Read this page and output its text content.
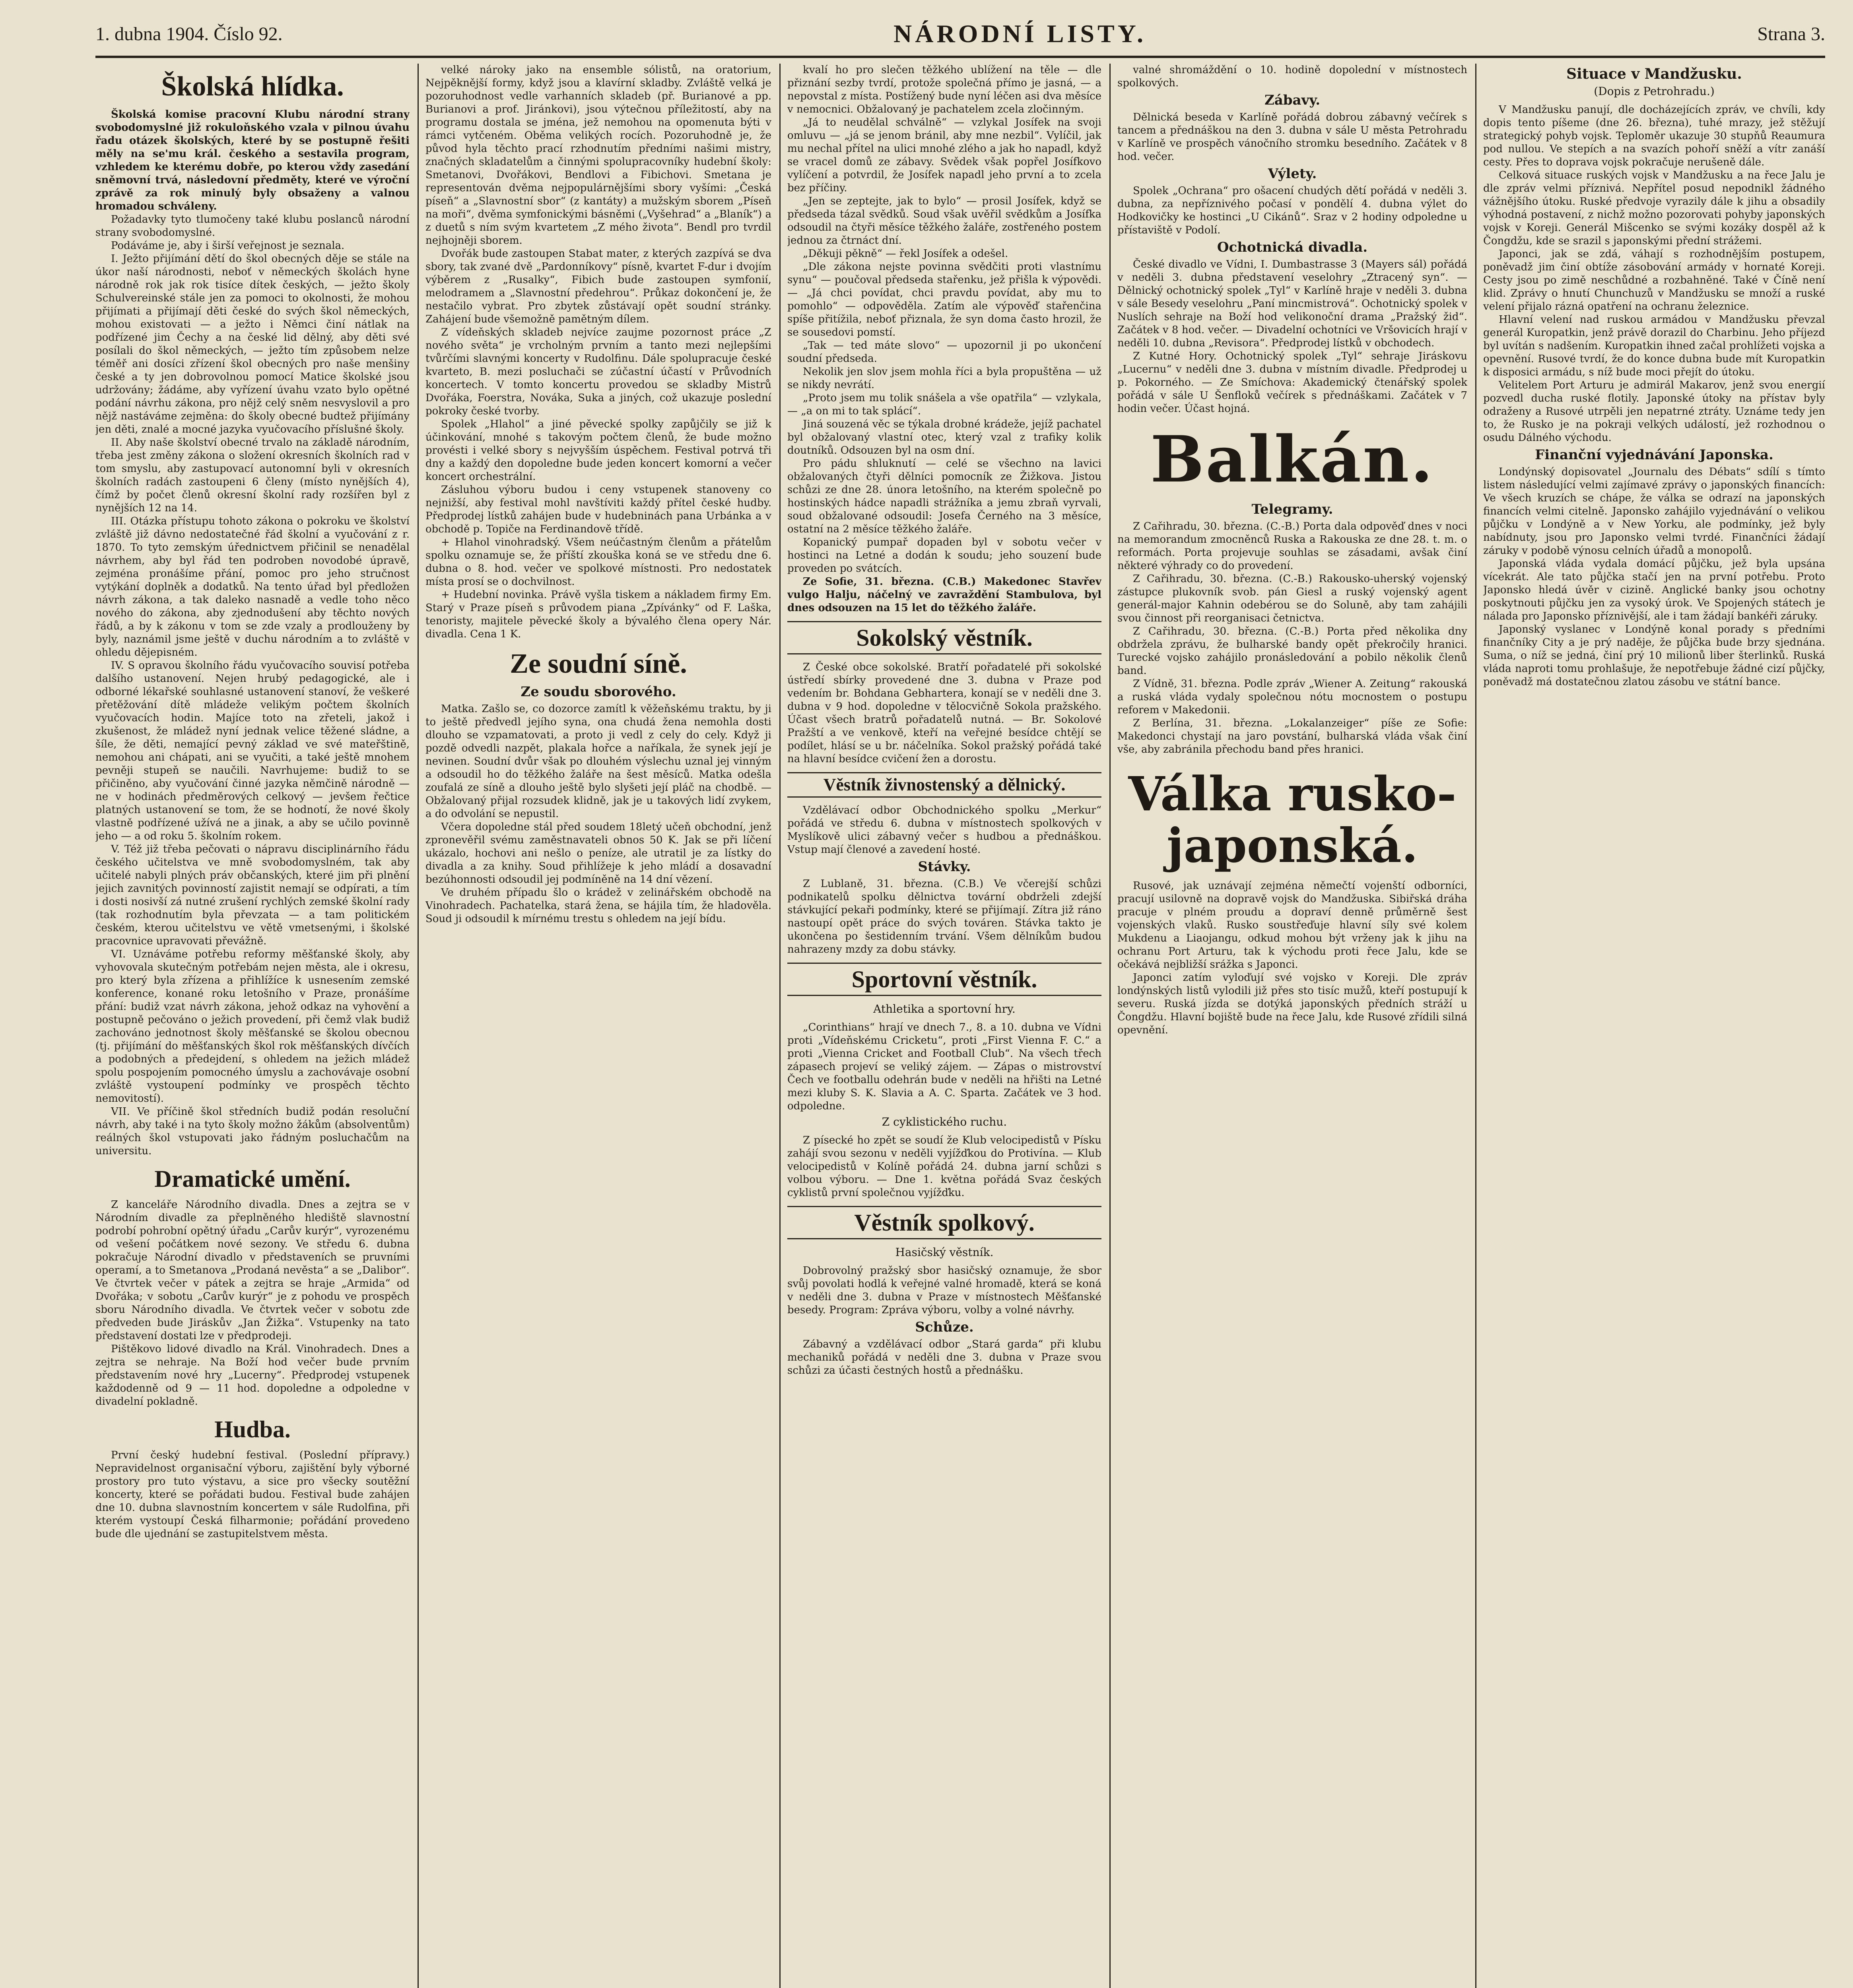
1. dubna 1904. Číslo 92.	NÁRODNÍ LISTY.	Strana 3.
Školská hlídka.

Školská komise pracovní Klubu národní strany svobodomyslné již rokuloňského vzala v pilnou úvahu řadu otázek školských, které by se postupně řešiti měly na se'mu král. českého a sestavila program, vzhledem ke kterému dobře, po kterou vždy zasedání sněmovní trvá, následovní předměty, které ve výroční zprávě za rok minulý byly obsaženy a valnou hromadou schváleny.

Požadavky tyto tlumočeny také klubu poslanců národní strany svobodomyslné.

Podáváme je, aby i širší veřejnost je seznala.

I. Ježto přijímání dětí do škol obecných děje se stále na úkor naší národnosti, neboť v německých školách hyne národně rok jak rok tisíce dítek českých, — ježto školy Schulvereinské stále jen za pomoci to okolnosti, že mohou přijímati a přijímají děti české do svých škol německých, mohou existovati — a ježto i Němci činí nátlak na podřízené jim Čechy a na české lid dělný, aby děti své posílali do škol německých, — ježto tím způsobem nelze téměř ani dosíci zřízení škol obecných pro naše menšiny české a ty jen dobrovolnou pomocí Matice školské jsou udržovány; žádáme, aby vyřízení úvahu vzato bylo opětné podání návrhu zákona, pro nějž celý sněm nesvyslovil a pro nějž nastáváme zejměna: do školy obecné budtež přijímány jen děti, znalé a mocné jazyka vyučovacího příslušné školy.

II. Aby naše školství obecné trvalo na základě národním, třeba jest změny zákona o složení okresních školních rad v tom smyslu, aby zastupovací autonomní byli v okresních školních radách zastoupeni 6 členy (místo nynějších 4), čímž by počet členů okresní školní rady rozšířen byl z nynějších 12 na 14.

III. Otázka přístupu tohoto zákona o pokroku ve školství zvláště již dávno nedostatečné řád školní a vyučování z r. 1870. To tyto zemským úřednictvem přičinil se nenadělal návrhem, aby byl řád ten podroben novodobé úpravě, zejména pronášíme přání, pomoc pro jeho stručnost vytýkání doplněk a dodatků. Na tento úřad byl předložen návrh zákona, a tak daleko nasnadě a vedle toho něco nového do zákona, aby zjednodušení aby těchto nových řádů, a by k zákonu v tom se zde vzaly a prodlouženy by byly, naznámil jsme ještě v duchu národním a to zvláště v ohledu dějepisném.

IV. S opravou školního řádu vyučovacího souvisí potřeba dalšího ustanovení. Nejen hrubý pedagogické, ale i odborné lékařské souhlasné ustanovení stanoví, že veškeré přetěžování dítě mládeže velikým počtem školních vyučovacích hodin. Majíce toto na zřeteli, jakož i zkušenost, že mládež nyní jednak velice těžené sládne, a šíle, že děti, nemající pevný základ ve své mateřštině, nemohou ani chápati, ani se vyučiti, a také ještě mnohem pevněji stupeň se naučili. Navrhujeme: budiž to se přičiněno, aby vyučování činné jazyka němčině národně — ne v hodinách předměrových celkový — jevšem řečtice platných ustanovení se tom, že se hodnotí, že nové školy vlastně podřízené užívá ne a jinak, a aby se učilo povinně jeho — a od roku 5. školním rokem.

V. Též již třeba pečovati o nápravu disciplinárního řádu českého učitelstva ve mně svobodomyslném, tak aby učitelé nabyli plných práv občanských, které jim při plnění jejich zavnitých povinností zajistit nemají se odpírati, a tím i dosti nosivší zá nutné zrušení rychlých zemské školní rady (tak rozhodnutím byla převzata — a tam politickém českém, kterou učitelstvu ve větě vmetsenými, i školské pracovnice upravovati převážně.

VI. Uznáváme potřebu reformy měšťanské školy, aby vyhovovala skutečným potřebám nejen města, ale i okresu, pro který byla zřízena a přihlížíce k usnesením zemské konference, konané roku letošního v Praze, pronášíme přání: budiž vzat návrh zákona, jehož odkaz na vyhovění a postupně pečováno o ježich provedení, při čemž vlak budiž zachováno jednotnost školy měšťanské se školou obecnou (tj. přijímání do měšťanských škol rok měšťanských dívčích a podobných a předejdení, s ohledem na ježich mládež spolu pospojením pomocného úmyslu a zachovávaje osobní zvláště vystoupení podmínky ve prospěch těchto nemovitostí).

VII. Ve příčině škol středních budiž podán resoluční návrh, aby také i na tyto školy možno žákům (absolventům) reálných škol vstupovati jako řádným posluchačům na universitu.

Dramatické umění.

Z kanceláře Národního divadla. Dnes a zejtra se v Národním divadle za přeplněného hlediště slavnostní podrobí pohrobní opětný úřadu „Carův kurýr“, vyrozenému od vešení počátkem nové sezony. Ve středu 6. dubna pokračuje Národní divadlo v představeních se pruvními operamí, a to Smetanova „Prodaná nevěsta“ a se „Dalibor“. Ve čtvrtek večer v pátek a zejtra se hraje „Armida“ od Dvořáka; v sobotu „Carův kurýr“ je z pohodu ve prospěch sboru Národního divadla. Ve čtvrtek večer v sobotu zde předveden bude Jiráskův „Jan Žižka“. Vstupenky na tato představení dostati lze v předprodeji.

Pištěkovo lidové divadlo na Král. Vinohradech. Dnes a zejtra se nehraje. Na Boží hod večer bude prvním představením nové hry „Lucerny“. Předprodej vstupenek každodenně od 9 — 11 hod. dopoledne a odpoledne v divadelní pokladně.

Hudba.

První český hudební festival. (Poslední přípravy.) Nepravidelnost organisační výboru, zajištění byly výborné prostory pro tuto výstavu, a sice pro všecky soutěžní koncerty, které se pořádati budou. Festival bude zahájen dne 10. dubna slavnostním koncertem v sále Rudolfina, při kterém vystoupí Česká filharmonie; pořádání provedeno bude dle ujednání se zastupitelstvem města.

velké nároky jako na ensemble sólistů, na oratorium, Nejpěknější formy, když jsou a klavírní skladby. Zvláště velká je pozoruhodnost vedle varhanních skladeb (př. Burianové a pp. Burianovi a prof. Jiránkovi), jsou výtečnou příležitostí, aby na programu dostala se jména, jež nemohou na opomenuta býti v rámci vytčeném. Oběma velikých rocích. Pozoruhodně je, že původ hyla těchto prací rzhodnutím předními našimi mistry, značných skladatelům a činnými spolupracovníky hudební školy: Smetanovi, Dvořákovi, Bendlovi a Fibichovi. Smetana je representován dvěma nejpopulárnějšími sbory vyšími: „Česká píseň“ a „Slavnostní sbor“ (z kantáty) a mužským sborem „Píseň na moři“, dvěma symfonickými básněmi („Vyšehrad“ a „Blaník“) a z duetů s ním svým kvartetem „Z mého života“. Bendl pro tvrdil nejhojněji sborem.

Dvořák bude zastoupen Stabat mater, z kterých zazpívá se dva sbory, tak zvané dvě „Pardonníkovy“ písně, kvartet F-dur i dvojím výběrem z „Rusalky“, Fibich bude zastoupen symfonií, melodramem a „Slavnostní předehrou“. Průkaz dokončení je, že nestačilo vybrat. Pro zbytek zůstávají opět soudní stránky. Zahájení bude všemožně pamětným dílem.

Z vídeňských skladeb nejvíce zaujme pozornost práce „Z nového světa“ je vrcholným prvním a tanto mezi nejlepšími tvůrčími slavnými koncerty v Rudolfinu. Dále spolupracuje české kvarteto, B. mezi posluchači se zúčastní účastí v Průvodních koncertech. V tomto koncertu provedou se skladby Mistrů Dvořáka, Foerstra, Nováka, Suka a jiných, což ukazuje poslední pokroky české tvorby.

Spolek „Hlahol“ a jiné pěvecké spolky zapůjčily se již k účinkování, mnohé s takovým počtem členů, že bude možno provésti i velké sbory s nejvyšším úspěchem. Festival potrvá tři dny a každý den dopoledne bude jeden koncert komorní a večer koncert orchestrální.

Zásluhou výboru budou i ceny vstupenek stanoveny co nejnižší, aby festival mohl navštíviti každý přítel české hudby. Předprodej lístků zahájen bude v hudebninách pana Urbánka a v obchodě p. Topiče na Ferdinandově třídě.

+ Hlahol vinohradský. Všem neúčastným členům a přátelům spolku oznamuje se, že příští zkouška koná se ve středu dne 6. dubna o 8. hod. večer ve spolkové místnosti. Pro nedostatek místa prosí se o dochvilnost.

+ Hudební novinka. Právě vyšla tiskem a nákladem firmy Em. Starý v Praze píseň s průvodem piana „Zpívánky“ od F. Laška, tenoristy, majitele pěvecké školy a bývalého člena opery Nár. divadla. Cena 1 K.

Ze soudní síně.
Ze soudu sborového.

Matka. Zašlo se, co dozorce zamítl k věžeňskému traktu, by ji to ještě předvedl jejího syna, ona chudá žena nemohla dosti dlouho se vzpamatovati, a proto ji vedl z cely do cely. Když ji pozdě odvedli nazpět, plakala hořce a naříkala, že synek její je nevinen. Soudní dvůr však po dlouhém výslechu uznal jej vinným a odsoudil ho do těžkého žaláře na šest měsíců. Matka odešla zoufalá ze síně a dlouho ještě bylo slyšeti její pláč na chodbě. — Obžalovaný přijal rozsudek klidně, jak je u takových lidí zvykem, a do odvolání se nepustil.

Včera dopoledne stál před soudem 18letý učeň obchodní, jenž zpronevěřil svému zaměstnavateli obnos 50 K. Jak se při líčení ukázalo, hochovi ani nešlo o peníze, ale utratil je za lístky do divadla a za knihy. Soud přihlížeje k jeho mládí a dosavadní bezúhonnosti odsoudil jej podmíněně na 14 dní vězení.

Ve druhém případu šlo o krádež v zelinářském obchodě na Vinohradech. Pachatelka, stará žena, se hájila tím, že hladověla. Soud ji odsoudil k mírnému trestu s ohledem na její bídu.

kvalí ho pro slečen těžkého ublížení na těle — dle přiznání sezby tvrdí, protože společná přímo je jasná, — a nepovstal z místa. Postížený bude nyní léčen asi dva měsíce v nemocnici. Obžalovaný je pachatelem zcela zločinným.

„Já to neudělal schválně“ — vzlykal Josífek na svoji omluvu — „já se jenom bránil, aby mne nezbil“. Vylíčil, jak mu nechal přítel na ulici mnohé zlého a jak ho napadl, když se vracel domů ze zábavy. Svědek však popřel Josífkovo vylíčení a potvrdil, že Josífek napadl jeho první a to zcela bez příčiny.

„Jen se zeptejte, jak to bylo“ — prosil Josífek, když se předseda tázal svědků. Soud však uvěřil svědkům a Josífka odsoudil na čtyři měsíce těžkého žaláře, zostřeného postem jednou za čtrnáct dní.

„Děkuji pěkně“ — řekl Josífek a odešel.

„Dle zákona nejste povinna svědčiti proti vlastnímu synu“ — poučoval předseda stařenku, jež přišla k výpovědi. — „Já chci povídat, chci pravdu povídat, aby mu to pomohlo“ — odpověděla. Zatím ale výpověď stařenčina spíše přitížila, neboť přiznala, že syn doma často hrozil, že se sousedovi pomstí.

„Tak — ted máte slovo“ — upozornil ji po ukončení soudní předseda.

Nekolik jen slov jsem mohla říci a byla propuštěna — už se nikdy nevrátí.

„Proto jsem mu tolik snášela a vše opatřila“ — vzlykala, — „a on mi to tak splácí“.

Jiná souzená věc se týkala drobné krádeže, jejíž pachatel byl obžalovaný vlastní otec, který vzal z trafiky kolik doutníků. Odsouzen byl na osm dní.

Pro pádu shluknutí — celé se všechno na lavici obžalovaných čtyři dělníci pomocník ze Žižkova. Jistou schůzi ze dne 28. února letošního, na kterém společně po hostinských hádce napadli strážníka a jemu zbraň vyrvali, soud obžalované odsoudil: Josefa Černého na 3 měsíce, ostatní na 2 měsíce těžkého žaláře.

Kopanický pumpař dopaden byl v sobotu večer v hostinci na Letné a dodán k soudu; jeho souzení bude proveden po svátcích.

Ze Sofie, 31. března. (C.B.) Makedonec Stavřev vulgo Halju, náčelný ve zavraždění Stambulova, byl dnes odsouzen na 15 let do těžkého žaláře.

Sokolský věstník.

Z České obce sokolské. Bratří pořadatelé při sokolské ústředí sbírky provedené dne 3. dubna v Praze pod vedením br. Bohdana Gebhartera, konají se v neděli dne 3. dubna v 9 hod. dopoledne v tělocvičně Sokola pražského. Účast všech bratrů pořadatelů nutná. — Br. Sokolové Pražští a ve venkově, kteří na veřejné besídce chtějí se podílet, hlásí se u br. náčelníka. Sokol pražský pořádá také na hlavní besídce cvičení žen a dorostu.

Věstník živnostenský a dělnický.

Vzdělávací odbor Obchodnického spolku „Merkur“ pořádá ve středu 6. dubna v místnostech spolkových v Myslíkově ulici zábavný večer s hudbou a přednáškou. Vstup mají členové a zavedení hosté.

Stávky.

Z Lublaně, 31. března. (C.B.) Ve včerejší schůzi podnikatelů spolku dělnictva tovární obdrželi zdejší stávkující pekaři podmínky, které se přijímají. Zítra již ráno nastoupí opět práce do svých továren. Stávka takto je ukončena po šestidenním trvání. Všem dělníkům budou nahrazeny mzdy za dobu stávky.

Sportovní věstník.
Athletika a sportovní hry.

„Corinthians“ hrají ve dnech 7., 8. a 10. dubna ve Vídni proti „Vídeňskému Cricketu“, proti „First Vienna F. C.“ a proti „Vienna Cricket and Football Club“. Na všech třech zápasech projeví se veliký zájem. — Zápas o mistrovství Čech ve footballu odehrán bude v neděli na hřišti na Letné mezi kluby S. K. Slavia a A. C. Sparta. Začátek ve 3 hod. odpoledne.

Z cyklistického ruchu.

Z písecké ho zpět se soudí že Klub velocipedistů v Písku zahájí svou sezonu v neděli vyjížďkou do Protivína. — Klub velocipedistů v Kolíně pořádá 24. dubna jarní schůzi s volbou výboru. — Dne 1. května pořádá Svaz českých cyklistů první společnou vyjížďku.

Věstník spolkový.
Hasičský věstník.

Dobrovolný pražský sbor hasičský oznamuje, že sbor svůj povolati hodlá k veřejné valné hromadě, která se koná v neděli dne 3. dubna v Praze v místnostech Měšťanské besedy. Program: Zpráva výboru, volby a volné návrhy.

Schůze.

Zábavný a vzdělávací odbor „Stará garda“ při klubu mechaniků pořádá v neděli dne 3. dubna v Praze svou schůzi za účasti čestných hostů a přednášku.

valné shromáždění o 10. hodině dopolední v místnostech spolkových.

Zábavy.

Dělnická beseda v Karlíně pořádá dobrou zábavný večírek s tancem a přednáškou na den 3. dubna v sále U města Petrohradu v Karlíně ve prospěch vánočního stromku besedního. Začátek v 8 hod. večer.

Výlety.

Spolek „Ochrana“ pro ošacení chudých dětí pořádá v neděli 3. dubna, za nepříznivého počasí v pondělí 4. dubna výlet do Hodkovičky ke hostinci „U Cikánů“. Sraz v 2 hodiny odpoledne u přístaviště v Podolí.

Ochotnická divadla.

České divadlo ve Vídni, I. Dumbastrasse 3 (Mayers sál) pořádá v neděli 3. dubna představení veselohry „Ztracený syn“. — Dělnický ochotnický spolek „Tyl“ v Karlíně hraje v neděli 3. dubna v sále Besedy veselohru „Paní mincmistrová“. Ochotnický spolek v Nuslích sehraje na Boží hod velikonoční drama „Pražský žid“. Začátek v 8 hod. večer. — Divadelní ochotníci ve Vršovicích hrají v neděli 10. dubna „Revisora“. Předprodej lístků v obchodech.

Z Kutné Hory. Ochotnický spolek „Tyl“ sehraje Jiráskovu „Lucernu“ v neděli dne 3. dubna v místním divadle. Předprodej u p. Pokorného. — Ze Smíchova: Akademický čtenářský spolek pořádá v sále U Šenfloků večírek s přednáškami. Začátek v 7 hodin večer. Účast hojná.

Balkán.
Telegramy.

Z Cařihradu, 30. března. (C.-B.) Porta dala odpověď dnes v noci na memorandum zmocněnců Ruska a Rakouska ze dne 28. t. m. o reformách. Porta projevuje souhlas se zásadami, avšak činí některé výhrady co do provedení.

Z Cařihradu, 30. března. (C.-B.) Rakousko-uherský vojenský zástupce plukovník svob. pán Giesl a ruský vojenský agent generál-major Kahnin odebérou se do Soluně, aby tam zahájili svou činnost při reorganisaci četnictva.

Z Cařihradu, 30. března. (C.-B.) Porta před několika dny obdržela zprávu, že bulharské bandy opět překročily hranici. Turecké vojsko zahájilo pronásledování a pobilo několik členů band.

Z Vídně, 31. března. Podle zpráv „Wiener A. Zeitung“ rakouská a ruská vláda vydaly společnou nótu mocnostem o postupu reforem v Makedonii.

Z Berlína, 31. března. „Lokalanzeiger“ píše ze Sofie: Makedonci chystají na jaro povstání, bulharská vláda však činí vše, aby zabránila přechodu band přes hranici.

Válka rusko-japonská.

Rusové, jak uznávají zejména němečtí vojenští odborníci, pracují usilovně na dopravě vojsk do Mandžuska. Sibiřská dráha pracuje v plném proudu a dopraví denně průměrně šest vojenských vlaků. Rusko soustřeďuje hlavní síly své kolem Mukdenu a Liaojangu, odkud mohou být vrženy jak k jihu na ochranu Port Arturu, tak k východu proti řece Jalu, kde se očekává nejbližší srážka s Japonci.

Japonci zatím vyloďují své vojsko v Koreji. Dle zpráv londýnských listů vylodili již přes sto tisíc mužů, kteří postupují k severu. Ruská jízda se dotýká japonských předních stráží u Čongdžu. Hlavní bojiště bude na řece Jalu, kde Rusové zřídili silná opevnění.

Situace v Mandžusku.
(Dopis z Petrohradu.)

V Mandžusku panují, dle docházejících zpráv, ve chvíli, kdy dopis tento píšeme (dne 26. března), tuhé mrazy, jež stěžují strategický pohyb vojsk. Teploměr ukazuje 30 stupňů Reaumura pod nullou. Ve stepích a na svazích pohoří sněží a vítr zanáší cesty. Přes to doprava vojsk pokračuje nerušeně dále.

Celková situace ruských vojsk v Mandžusku a na řece Jalu je dle zpráv velmi příznivá. Nepřítel posud nepodnikl žádného vážnějšího útoku. Ruské předvoje vyrazily dále k jihu a obsadily výhodná postavení, z nichž možno pozorovati pohyby japonských vojsk v Koreji. Generál Mišcenko se svými kozáky dospěl až k Čongdžu, kde se srazil s japonskými přední strážemi.

Japonci, jak se zdá, váhají s rozhodnějším postupem, poněvadž jim činí obtíže zásobování armády v hornaté Koreji. Cesty jsou po zimě neschůdné a rozbahněné. Také v Číně není klid. Zprávy o hnutí Chunchuzů v Mandžusku se množí a ruské velení přijalo rázná opatření na ochranu železnice.

Hlavní velení nad ruskou armádou v Mandžusku převzal generál Kuropatkin, jenž právě dorazil do Charbinu. Jeho příjezd byl uvítán s nadšením. Kuropatkin ihned začal prohlížeti vojska a opevnění. Rusové tvrdí, že do konce dubna bude mít Kuropatkin k disposici armádu, s níž bude moci přejít do útoku.

Velitelem Port Arturu je admirál Makarov, jenž svou energií pozvedl ducha ruské flotily. Japonské útoky na přístav byly odraženy a Rusové utrpěli jen nepatrné ztráty. Uznáme tedy jen to, že Rusko je na pokraji velkých událostí, jež rozhodnou o osudu Dálného východu.

Finanční vyjednávání Japonska.

Londýnský dopisovatel „Journalu des Débats“ sdílí s tímto listem následující velmi zajímavé zprávy o japonských financích: Ve všech kruzích se chápe, že válka se odrazí na japonských financích velmi citelně. Japonsko zahájilo vyjednávání o velikou půjčku v Londýně a v New Yorku, ale podmínky, jež byly nabídnuty, jsou pro Japonsko velmi tvrdé. Finančníci žádají záruky v podobě výnosu celních úřadů a monopolů.

Japonská vláda vydala domácí půjčku, jež byla upsána vícekrát. Ale tato půjčka stačí jen na první potřebu. Proto Japonsko hledá úvěr v cizině. Anglické banky jsou ochotny poskytnouti půjčku jen za vysoký úrok. Ve Spojených státech je nálada pro Japonsko příznivější, ale i tam žádají bankéři záruky.

Japonský vyslanec v Londýně konal porady s předními finančníky City a je prý naděje, že půjčka bude brzy sjednána. Suma, o níž se jedná, činí prý 10 milionů liber šterlinků. Ruská vláda naproti tomu prohlašuje, že nepotřebuje žádné cizí půjčky, poněvadž má dostatečnou zlatou zásobu ve státní bance.
